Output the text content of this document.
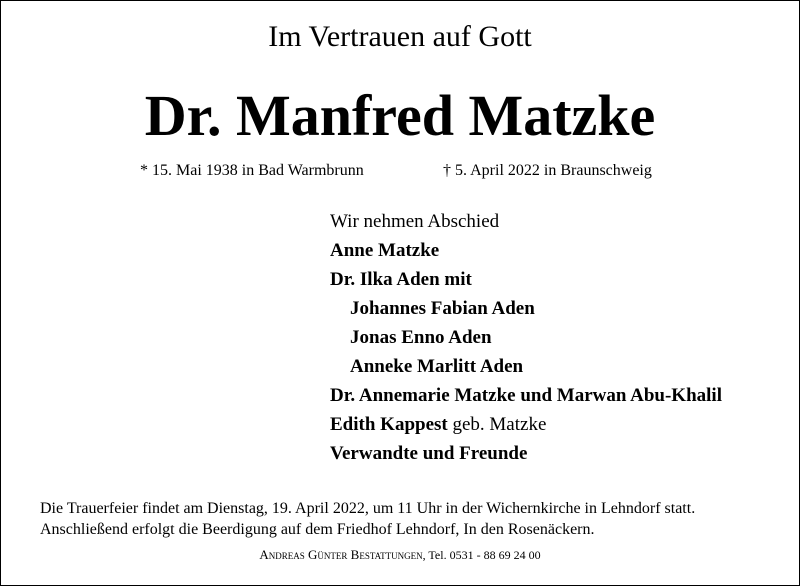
Im Vertrauen auf Gott
Dr. Manfred Matzke
* 15. Mai 1938 in Bad Warmbrunn	† 5. April 2022 in Braunschweig
Wir nehmen Abschied
Anne Matzke
Dr. Ilka Aden mit
Johannes Fabian Aden
Jonas Enno Aden
Anneke Marlitt Aden
Dr. Annemarie Matzke und Marwan Abu-Khalil
Edith Kappest geb. Matzke
Verwandte und Freunde
Die Trauerfeier findet am Dienstag, 19. April 2022, um 11 Uhr in der Wichernkirche in Lehndorf statt.
Anschließend erfolgt die Beerdigung auf dem Friedhof Lehndorf, In den Rosenäckern.
Andreas Günter Bestattungen, Tel. 0531 - 88 69 24 00
